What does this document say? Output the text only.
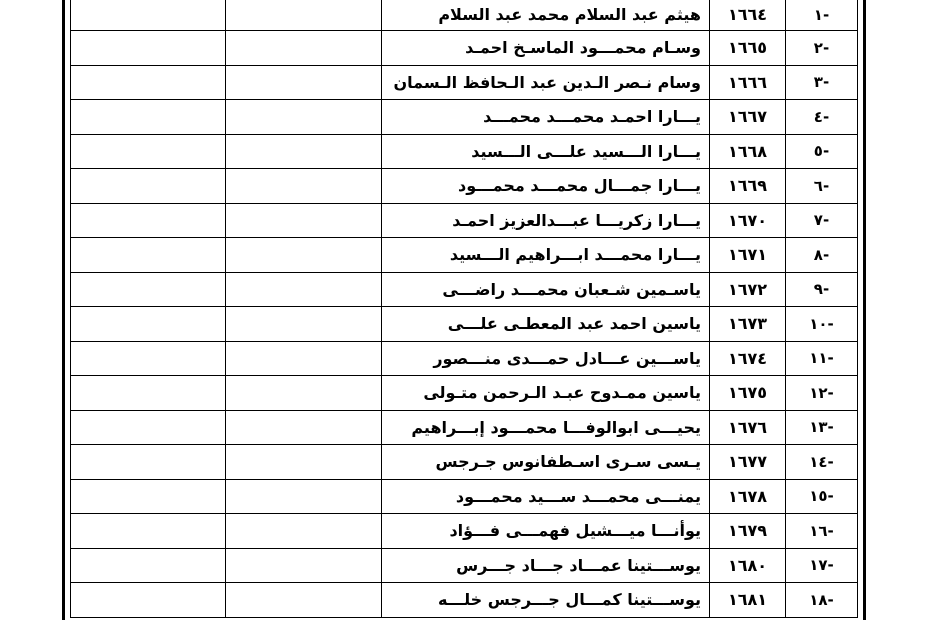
-١	١٦٦٤	هيثم عبد السلام محمد عبد السلام		
-٢	١٦٦٥	وسـام محمـــود الماسـخ احمـد		
-٣	١٦٦٦	وسام نـصر الـدين عبد الـحافظ الـسمان		
-٤	١٦٦٧	يـــارا احمـد محمـــد محمـــد		
-٥	١٦٦٨	يـــارا الـــسيد علـــى الـــسيد		
-٦	١٦٦٩	يـــارا جمـــال محمـــد محمـــود		
-٧	١٦٧٠	يـــارا زكريـــا عبـــدالعزيز احمـد		
-٨	١٦٧١	يـــارا محمـــد ابـــراهيم الـــسيد		
-٩	١٦٧٢	ياسـمين شـعبان محمـــد راضـــى		
-١٠	١٦٧٣	ياسين احمد عبد المعطـى علـــى		
-١١	١٦٧٤	ياســـين عـــادل حمـــدى منـــصور		
-١٢	١٦٧٥	ياسين ممـدوح عبـد الـرحمن متـولى		
-١٣	١٦٧٦	يحيـــى ابوالوفـــا محمـــود إبـــراهيم		
-١٤	١٦٧٧	يـسى سـرى اسـطفانوس جـرجس		
-١٥	١٦٧٨	يمنـــى محمـــد ســـيد محمـــود		
-١٦	١٦٧٩	يوأنـــا ميـــشيل فهمـــى فـــؤاد		
-١٧	١٦٨٠	يوســـتينا عمـــاد جـــاد جـــرس		
-١٨	١٦٨١	يوســـتينا كمـــال جـــرجس خلـــه		
